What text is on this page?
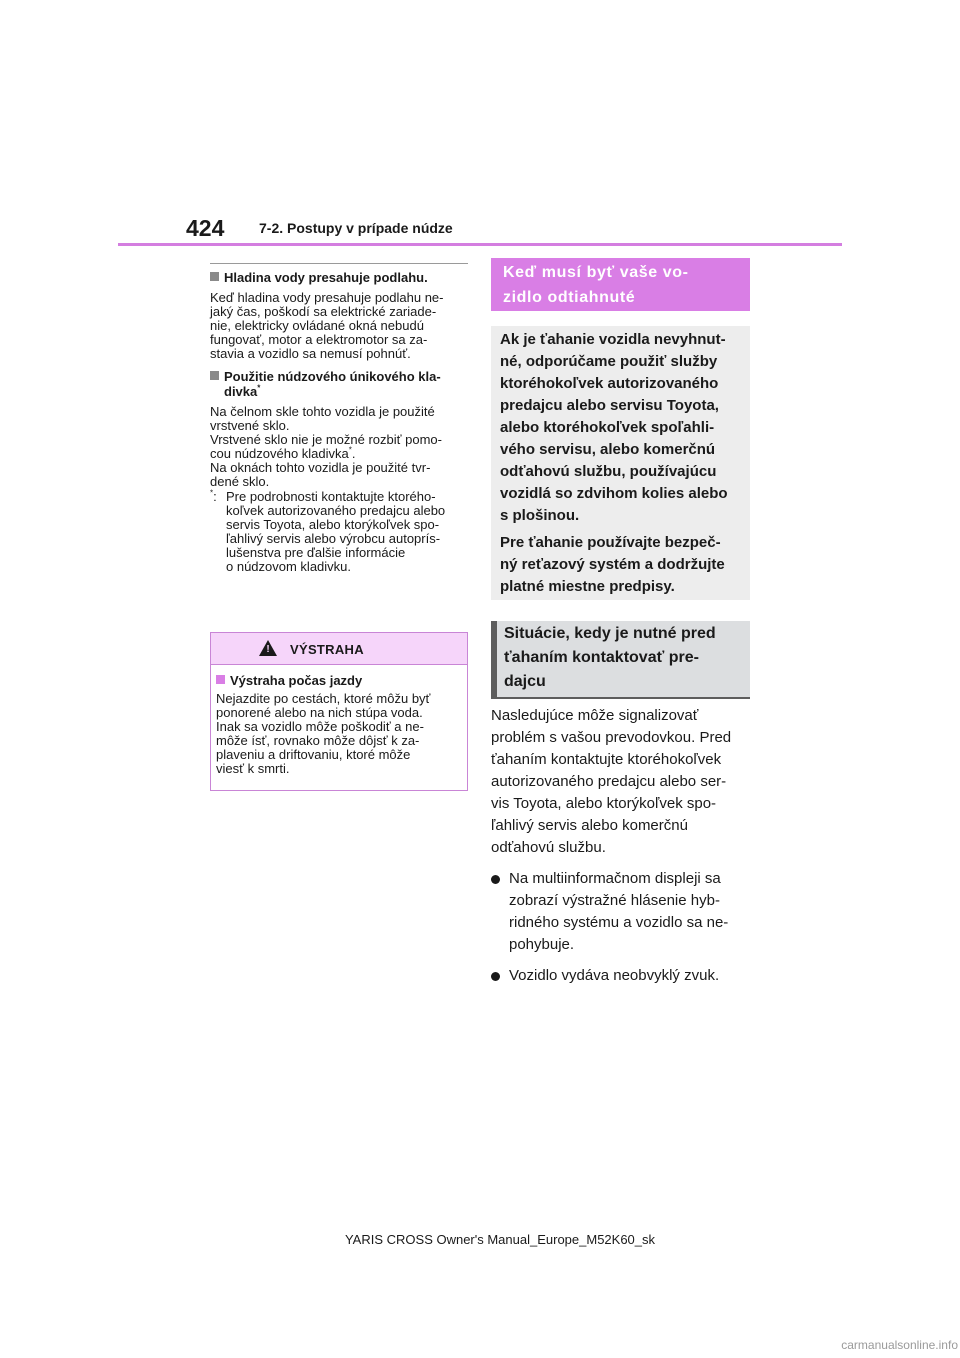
424 7-2. Postupy v prípade núdze
Hladina vody presahuje podlahu.
Keď hladina vody presahuje podlahu ne-
jaký čas, poškodí sa elektrické zariade-
nie, elektricky ovládané okná nebudú
fungovať, motor a elektromotor sa za-
stavia a vozidlo sa nemusí pohnúť.
Použitie núdzového únikového kla-
divka*
Na čelnom skle tohto vozidla je použité
vrstvené sklo.
Vrstvené sklo nie je možné rozbiť pomo-
cou núdzového kladivka*.
Na oknách tohto vozidla je použité tvr-
dené sklo.
*: Pre podrobnosti kontaktujte ktorého-
koľvek autorizovaného predajcu alebo
servis Toyota, alebo ktorýkoľvek spo-
ľahlivý servis alebo výrobcu autoprís-
lušenstva pre ďalšie informácie
o núdzovom kladivku.
! VÝSTRAHA
Výstraha počas jazdy
Nejazdite po cestách, ktoré môžu byť
ponorené alebo na nich stúpa voda.
Inak sa vozidlo môže poškodiť a ne-
môže ísť, rovnako môže dôjsť k za-
plaveniu a driftovaniu, ktoré môže
viesť k smrti.
Keď musí byť vaše vo-
zidlo odtiahnuté
Ak je ťahanie vozidla nevyhnut-
né, odporúčame použiť služby
ktoréhokoľvek autorizovaného
predajcu alebo servisu Toyota,
alebo ktoréhokoľvek spoľahli-
vého servisu, alebo komerčnú
odťahovú službu, používajúcu
vozidlá so zdvihom kolies alebo
s plošinou.
Pre ťahanie používajte bezpeč-
ný reťazový systém a dodržujte
platné miestne predpisy.
Situácie, kedy je nutné pred
ťahaním kontaktovať pre-
dajcu
Nasledujúce môže signalizovať
problém s vašou prevodovkou. Pred
ťahaním kontaktujte ktoréhokoľvek
autorizovaného predajcu alebo ser-
vis Toyota, alebo ktorýkoľvek spo-
ľahlivý servis alebo komerčnú
odťahovú službu.
Na multiinformačnom displeji sa
zobrazí výstražné hlásenie hyb-
ridného systému a vozidlo sa ne-
pohybuje.
Vozidlo vydáva neobvyklý zvuk.
YARIS CROSS Owner's Manual_Europe_M52K60_sk
carmanualsonline.info
